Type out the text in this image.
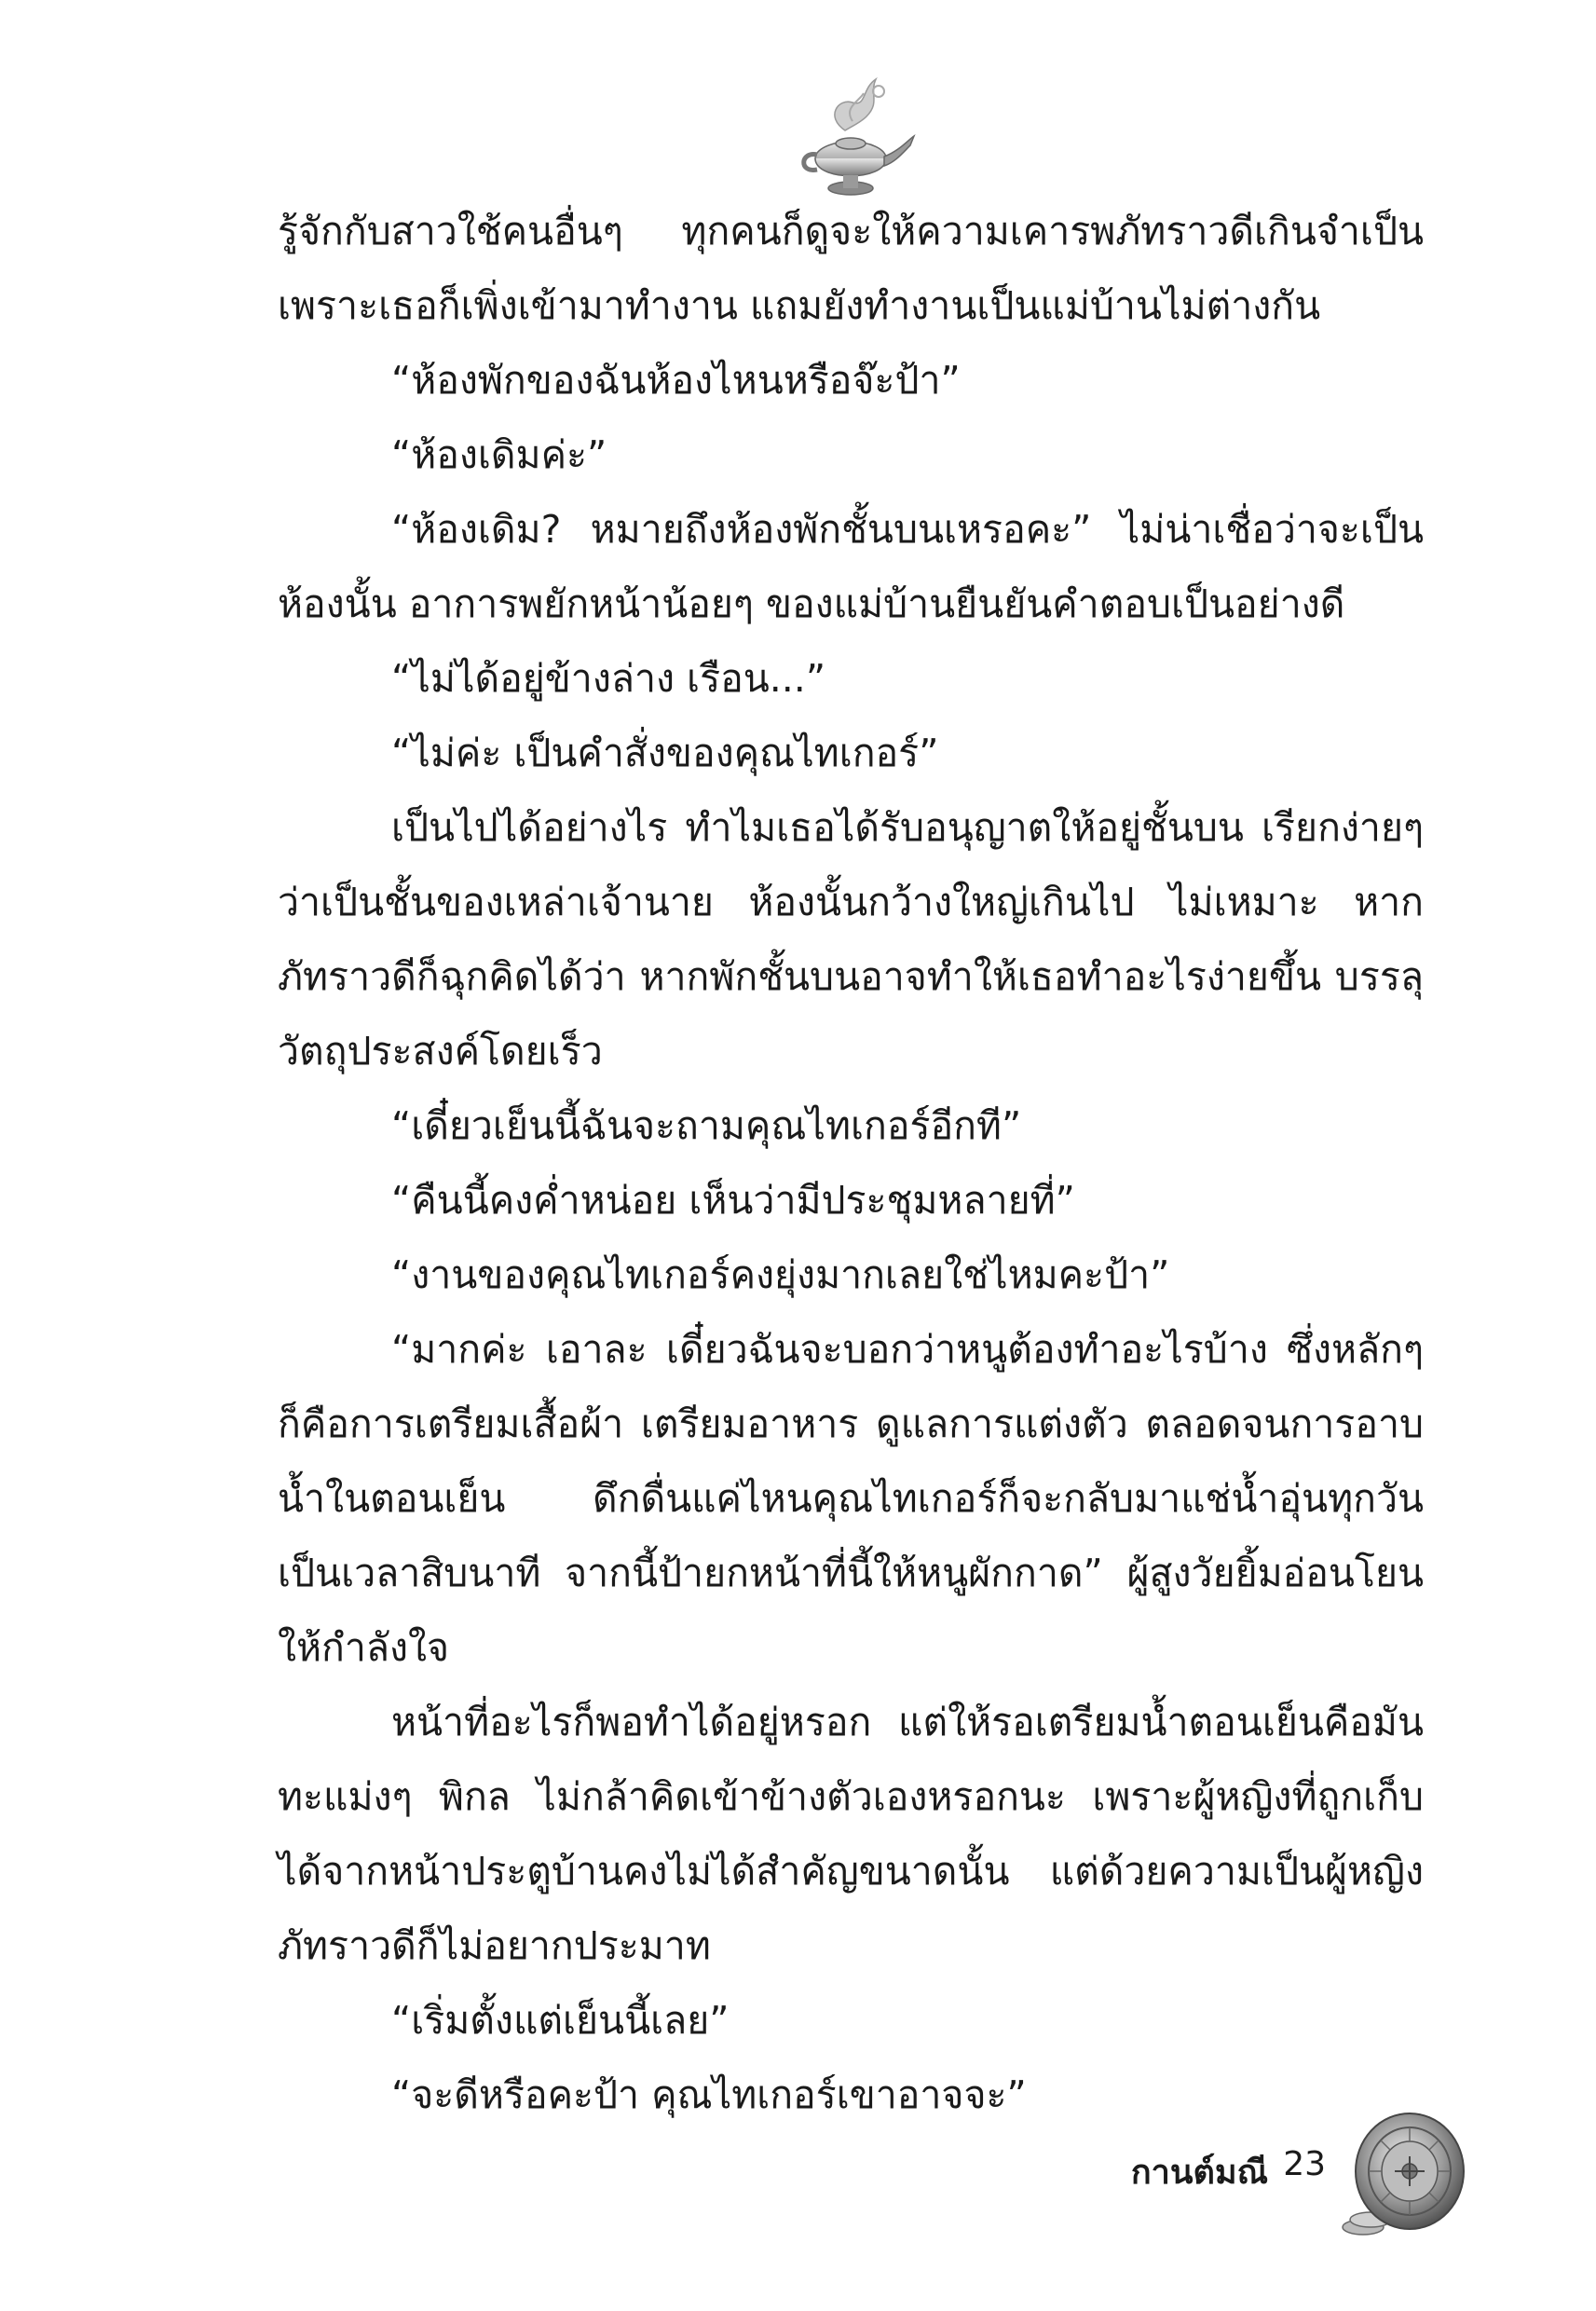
รู้จักกับสาวใช้คนอื่นๆ ทุกคนก็ดูจะให้ความเคารพภัทราวดีเกินจำเป็น เพราะเธอก็เพิ่งเข้ามาทำงาน แถมยังทำงานเป็นแม่บ้านไม่ต่างกัน

“ห้องพักของฉันห้องไหนหรือจ๊ะป้า”

“ห้องเดิมค่ะ”

“ห้องเดิม? หมายถึงห้องพักชั้นบนเหรอคะ” ไม่น่าเชื่อว่าจะเป็นห้องนั้น อาการพยักหน้าน้อยๆ ของแม่บ้านยืนยันคำตอบเป็นอย่างดี

“ไม่ได้อยู่ข้างล่าง เรือน...”

“ไม่ค่ะ เป็นคำสั่งของคุณไทเกอร์”

เป็นไปได้อย่างไร ทำไมเธอได้รับอนุญาตให้อยู่ชั้นบน เรียกง่ายๆ ว่าเป็นชั้นของเหล่าเจ้านาย ห้องนั้นกว้างใหญ่เกินไป ไม่เหมาะ หากภัทราวดีก็ฉุกคิดได้ว่า หากพักชั้นบนอาจทำให้เธอทำอะไรง่ายขึ้น บรรลุวัตถุประสงค์โดยเร็ว

“เดี๋ยวเย็นนี้ฉันจะถามคุณไทเกอร์อีกที”

“คืนนี้คงค่ำหน่อย เห็นว่ามีประชุมหลายที่”

“งานของคุณไทเกอร์คงยุ่งมากเลยใช่ไหมคะป้า”

“มากค่ะ เอาละ เดี๋ยวฉันจะบอกว่าหนูต้องทำอะไรบ้าง ซึ่งหลักๆ ก็คือการเตรียมเสื้อผ้า เตรียมอาหาร ดูแลการแต่งตัว ตลอดจนการอาบน้ำในตอนเย็น ดึกดื่นแค่ไหนคุณไทเกอร์ก็จะกลับมาแช่น้ำอุ่นทุกวัน เป็นเวลาสิบนาที จากนี้ป้ายกหน้าที่นี้ให้หนูผักกาด” ผู้สูงวัยยิ้มอ่อนโยนให้กำลังใจ

หน้าที่อะไรก็พอทำได้อยู่หรอก แต่ให้รอเตรียมน้ำตอนเย็นคือมันทะแม่งๆ พิกล ไม่กล้าคิดเข้าข้างตัวเองหรอกนะ เพราะผู้หญิงที่ถูกเก็บได้จากหน้าประตูบ้านคงไม่ได้สำคัญขนาดนั้น แต่ด้วยความเป็นผู้หญิงภัทราวดีก็ไม่อยากประมาท

“เริ่มตั้งแต่เย็นนี้เลย”

“จะดีหรือคะป้า คุณไทเกอร์เขาอาจจะ”

กานต์มณี 23
